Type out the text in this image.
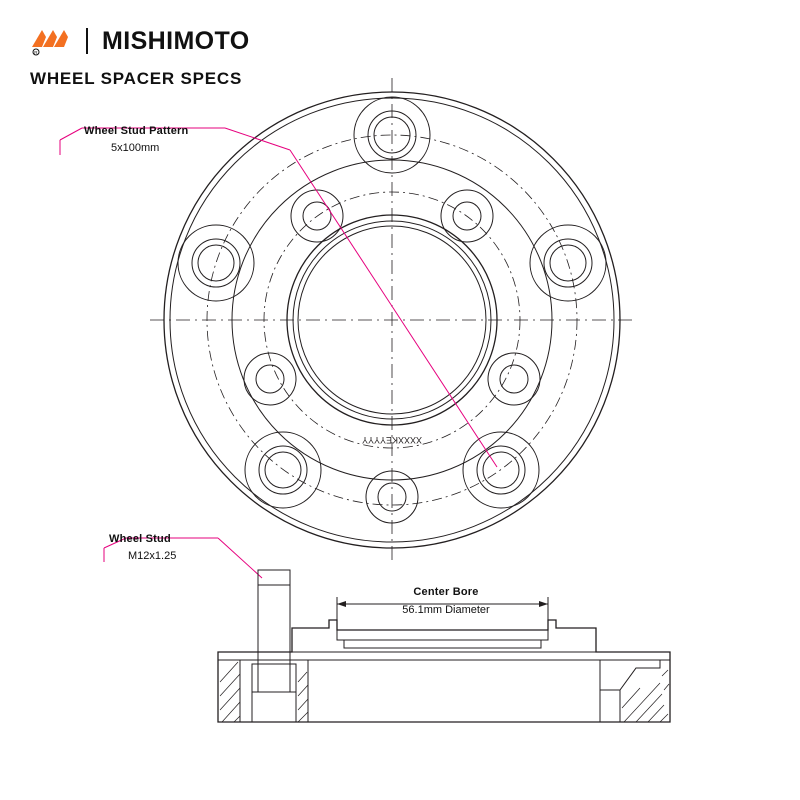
R	MISHIMOTO
WHEEL SPACER SPECS
XXXXKEYYYY
Wheel Stud Pattern
5x100mm
Wheel Stud
M12x1.25
Center Bore
56.1mm Diameter
